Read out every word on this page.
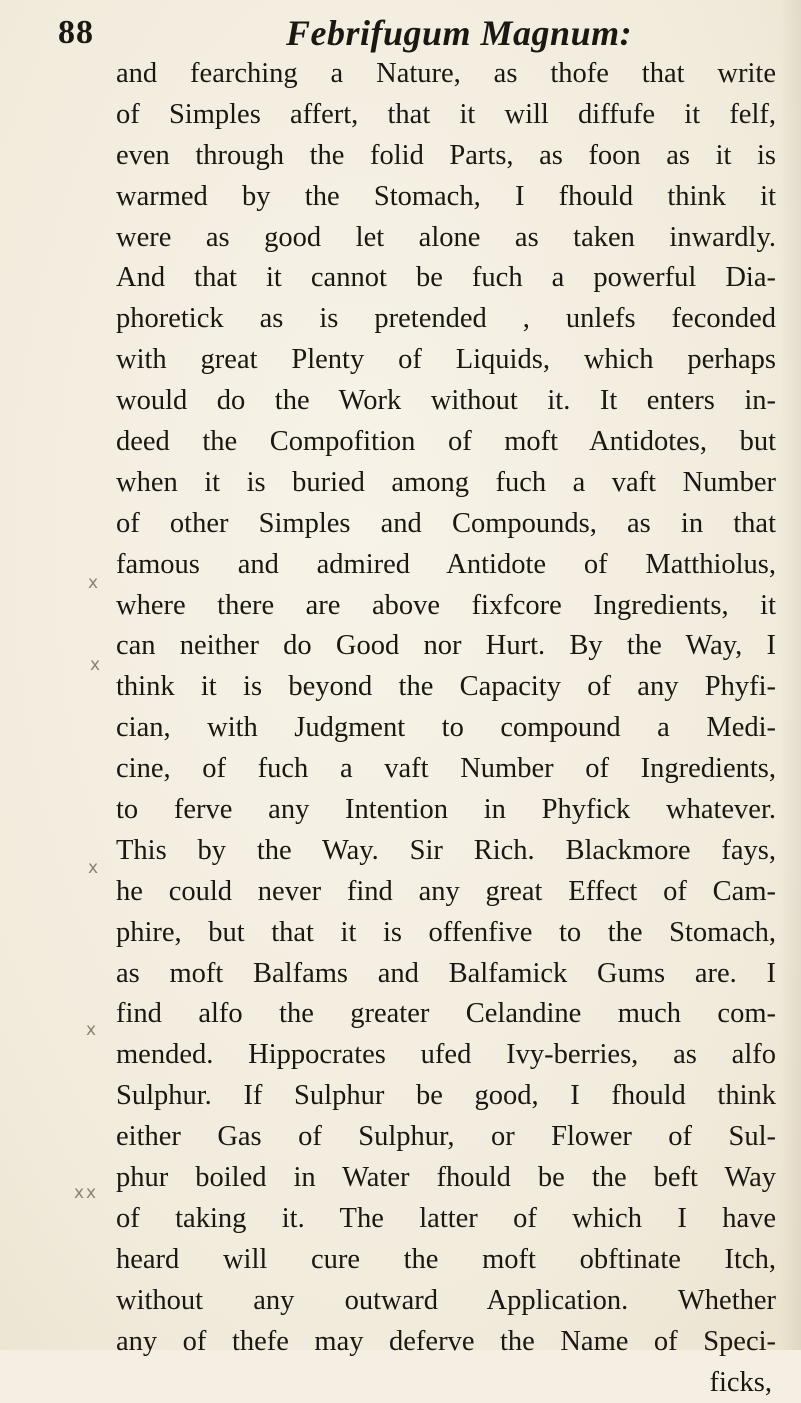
88	Febrifugum Magnum:
x
x
x
x
x x
and fearching a Nature, as thofe that write
of Simples affert, that it will diffufe it felf,
even through the folid Parts, as foon as it is
warmed by the Stomach, I fhould think it
were as good let alone as taken inwardly.
And that it cannot be fuch a powerful Dia-
phoretick as is pretended , unlefs feconded
with great Plenty of Liquids, which perhaps
would do the Work without it. It enters in-
deed the Compofition of moft Antidotes, but
when it is buried among fuch a vaft Number
of other Simples and Compounds, as in that
famous and admired Antidote of Matthiolus,
where there are above fixfcore Ingredients, it
can neither do Good nor Hurt. By the Way, I
think it is beyond the Capacity of any Phyfi-
cian, with Judgment to compound a Medi-
cine, of fuch a vaft Number of Ingredients,
to ferve any Intention in Phyfick whatever.
This by the Way. Sir Rich. Blackmore fays,
he could never find any great Effect of Cam-
phire, but that it is offenfive to the Stomach,
as moft Balfams and Balfamick Gums are. I
find alfo the greater Celandine much com-
mended. Hippocrates ufed Ivy-berries, as alfo
Sulphur. If Sulphur be good, I fhould think
either Gas of Sulphur, or Flower of Sul-
phur boiled in Water fhould be the beft Way
of taking it. The latter of which I have
heard will cure the moft obftinate Itch,
without any outward Application. Whether
any of thefe may deferve the Name of Speci-
ficks,
